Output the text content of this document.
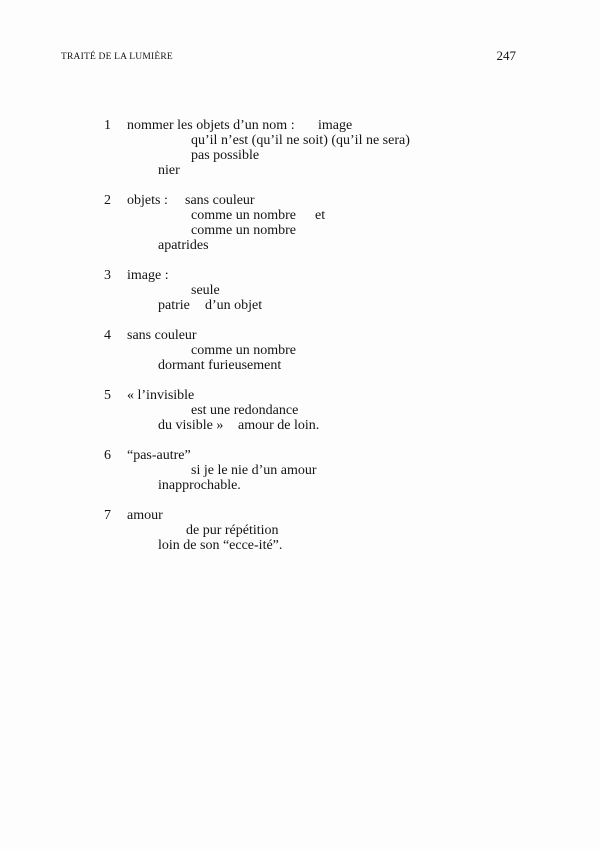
TRAITÉ DE LA LUMIÈRE	247
1 nommer les objets d’un nom : image
qu’il n’est (qu’il ne soit) (qu’il ne sera)
pas possible
nier
2 objets : sans couleur
comme un nombre et
comme un nombre
apatrides
3 image :
seule
patrie d’un objet
4 sans couleur
comme un nombre
dormant furieusement
5 « l’invisible
est une redondance
du visible » amour de loin.
6 “pas-autre”
si je le nie d’un amour
inapprochable.
7 amour
de pur répétition
loin de son “ecce-ité”.
